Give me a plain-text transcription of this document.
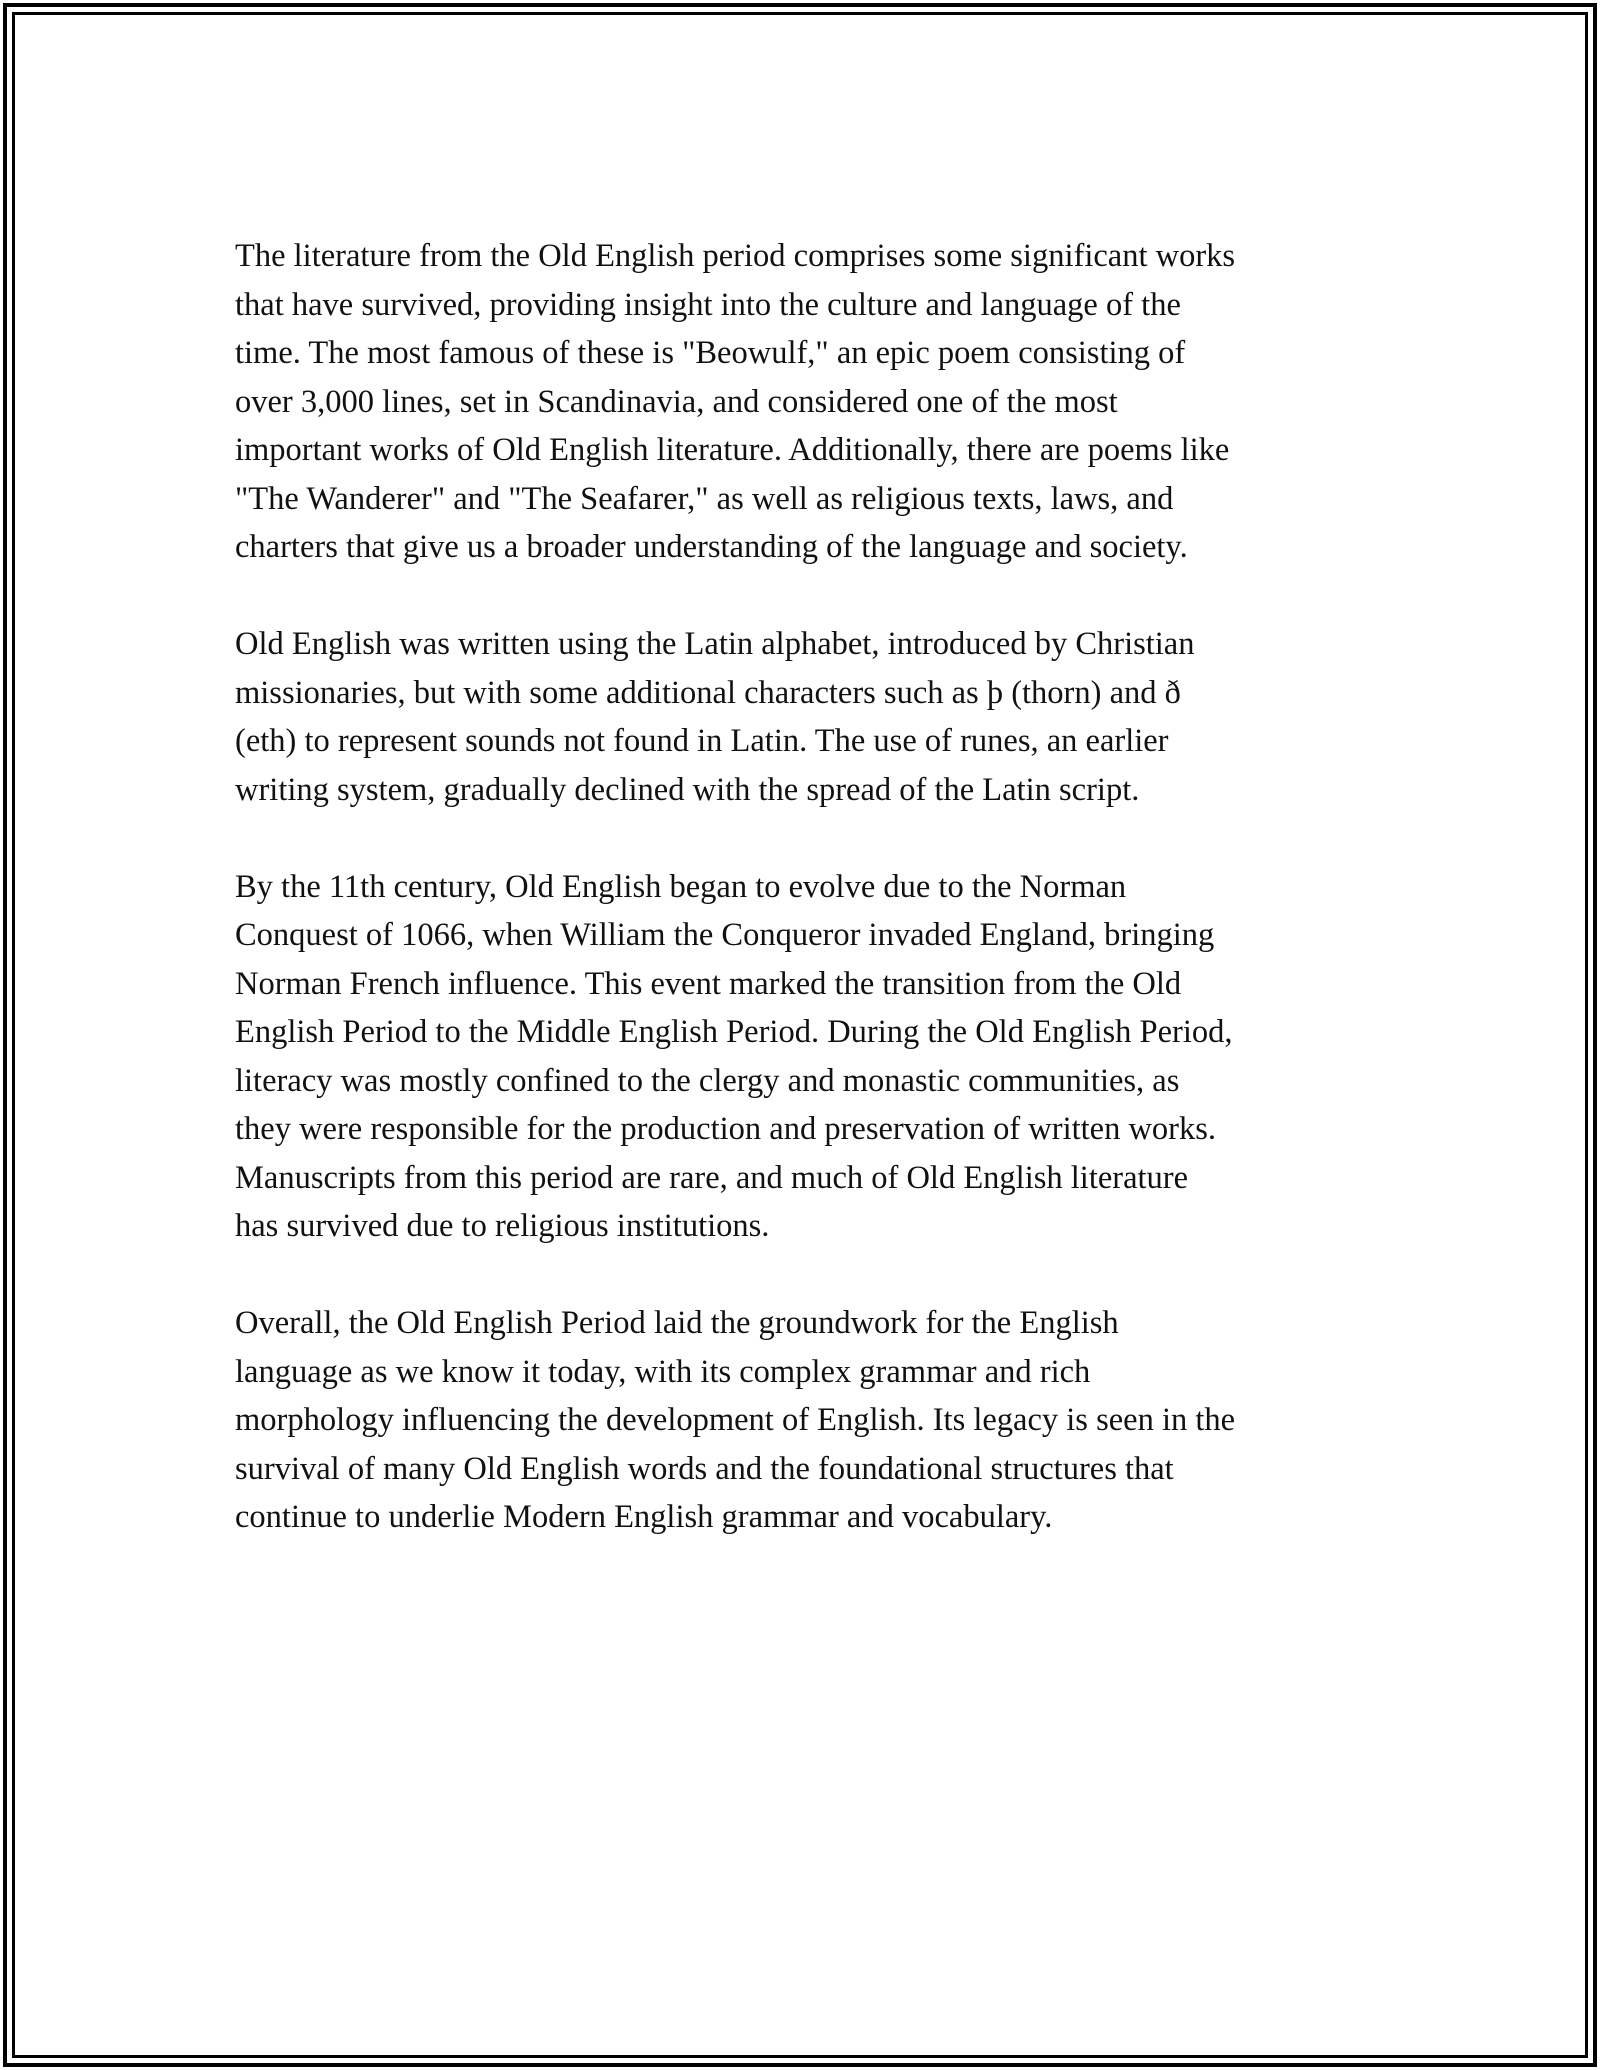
The literature from the Old English period comprises some significant works
that have survived, providing insight into the culture and language of the
time. The most famous of these is "Beowulf," an epic poem consisting of
over 3,000 lines, set in Scandinavia, and considered one of the most
important works of Old English literature. Additionally, there are poems like
"The Wanderer" and "The Seafarer," as well as religious texts, laws, and
charters that give us a broader understanding of the language and society.

Old English was written using the Latin alphabet, introduced by Christian
missionaries, but with some additional characters such as þ (thorn) and ð
(eth) to represent sounds not found in Latin. The use of runes, an earlier
writing system, gradually declined with the spread of the Latin script.

By the 11th century, Old English began to evolve due to the Norman
Conquest of 1066, when William the Conqueror invaded England, bringing
Norman French influence. This event marked the transition from the Old
English Period to the Middle English Period. During the Old English Period,
literacy was mostly confined to the clergy and monastic communities, as
they were responsible for the production and preservation of written works.
Manuscripts from this period are rare, and much of Old English literature
has survived due to religious institutions.

Overall, the Old English Period laid the groundwork for the English
language as we know it today, with its complex grammar and rich
morphology influencing the development of English. Its legacy is seen in the
survival of many Old English words and the foundational structures that
continue to underlie Modern English grammar and vocabulary.
